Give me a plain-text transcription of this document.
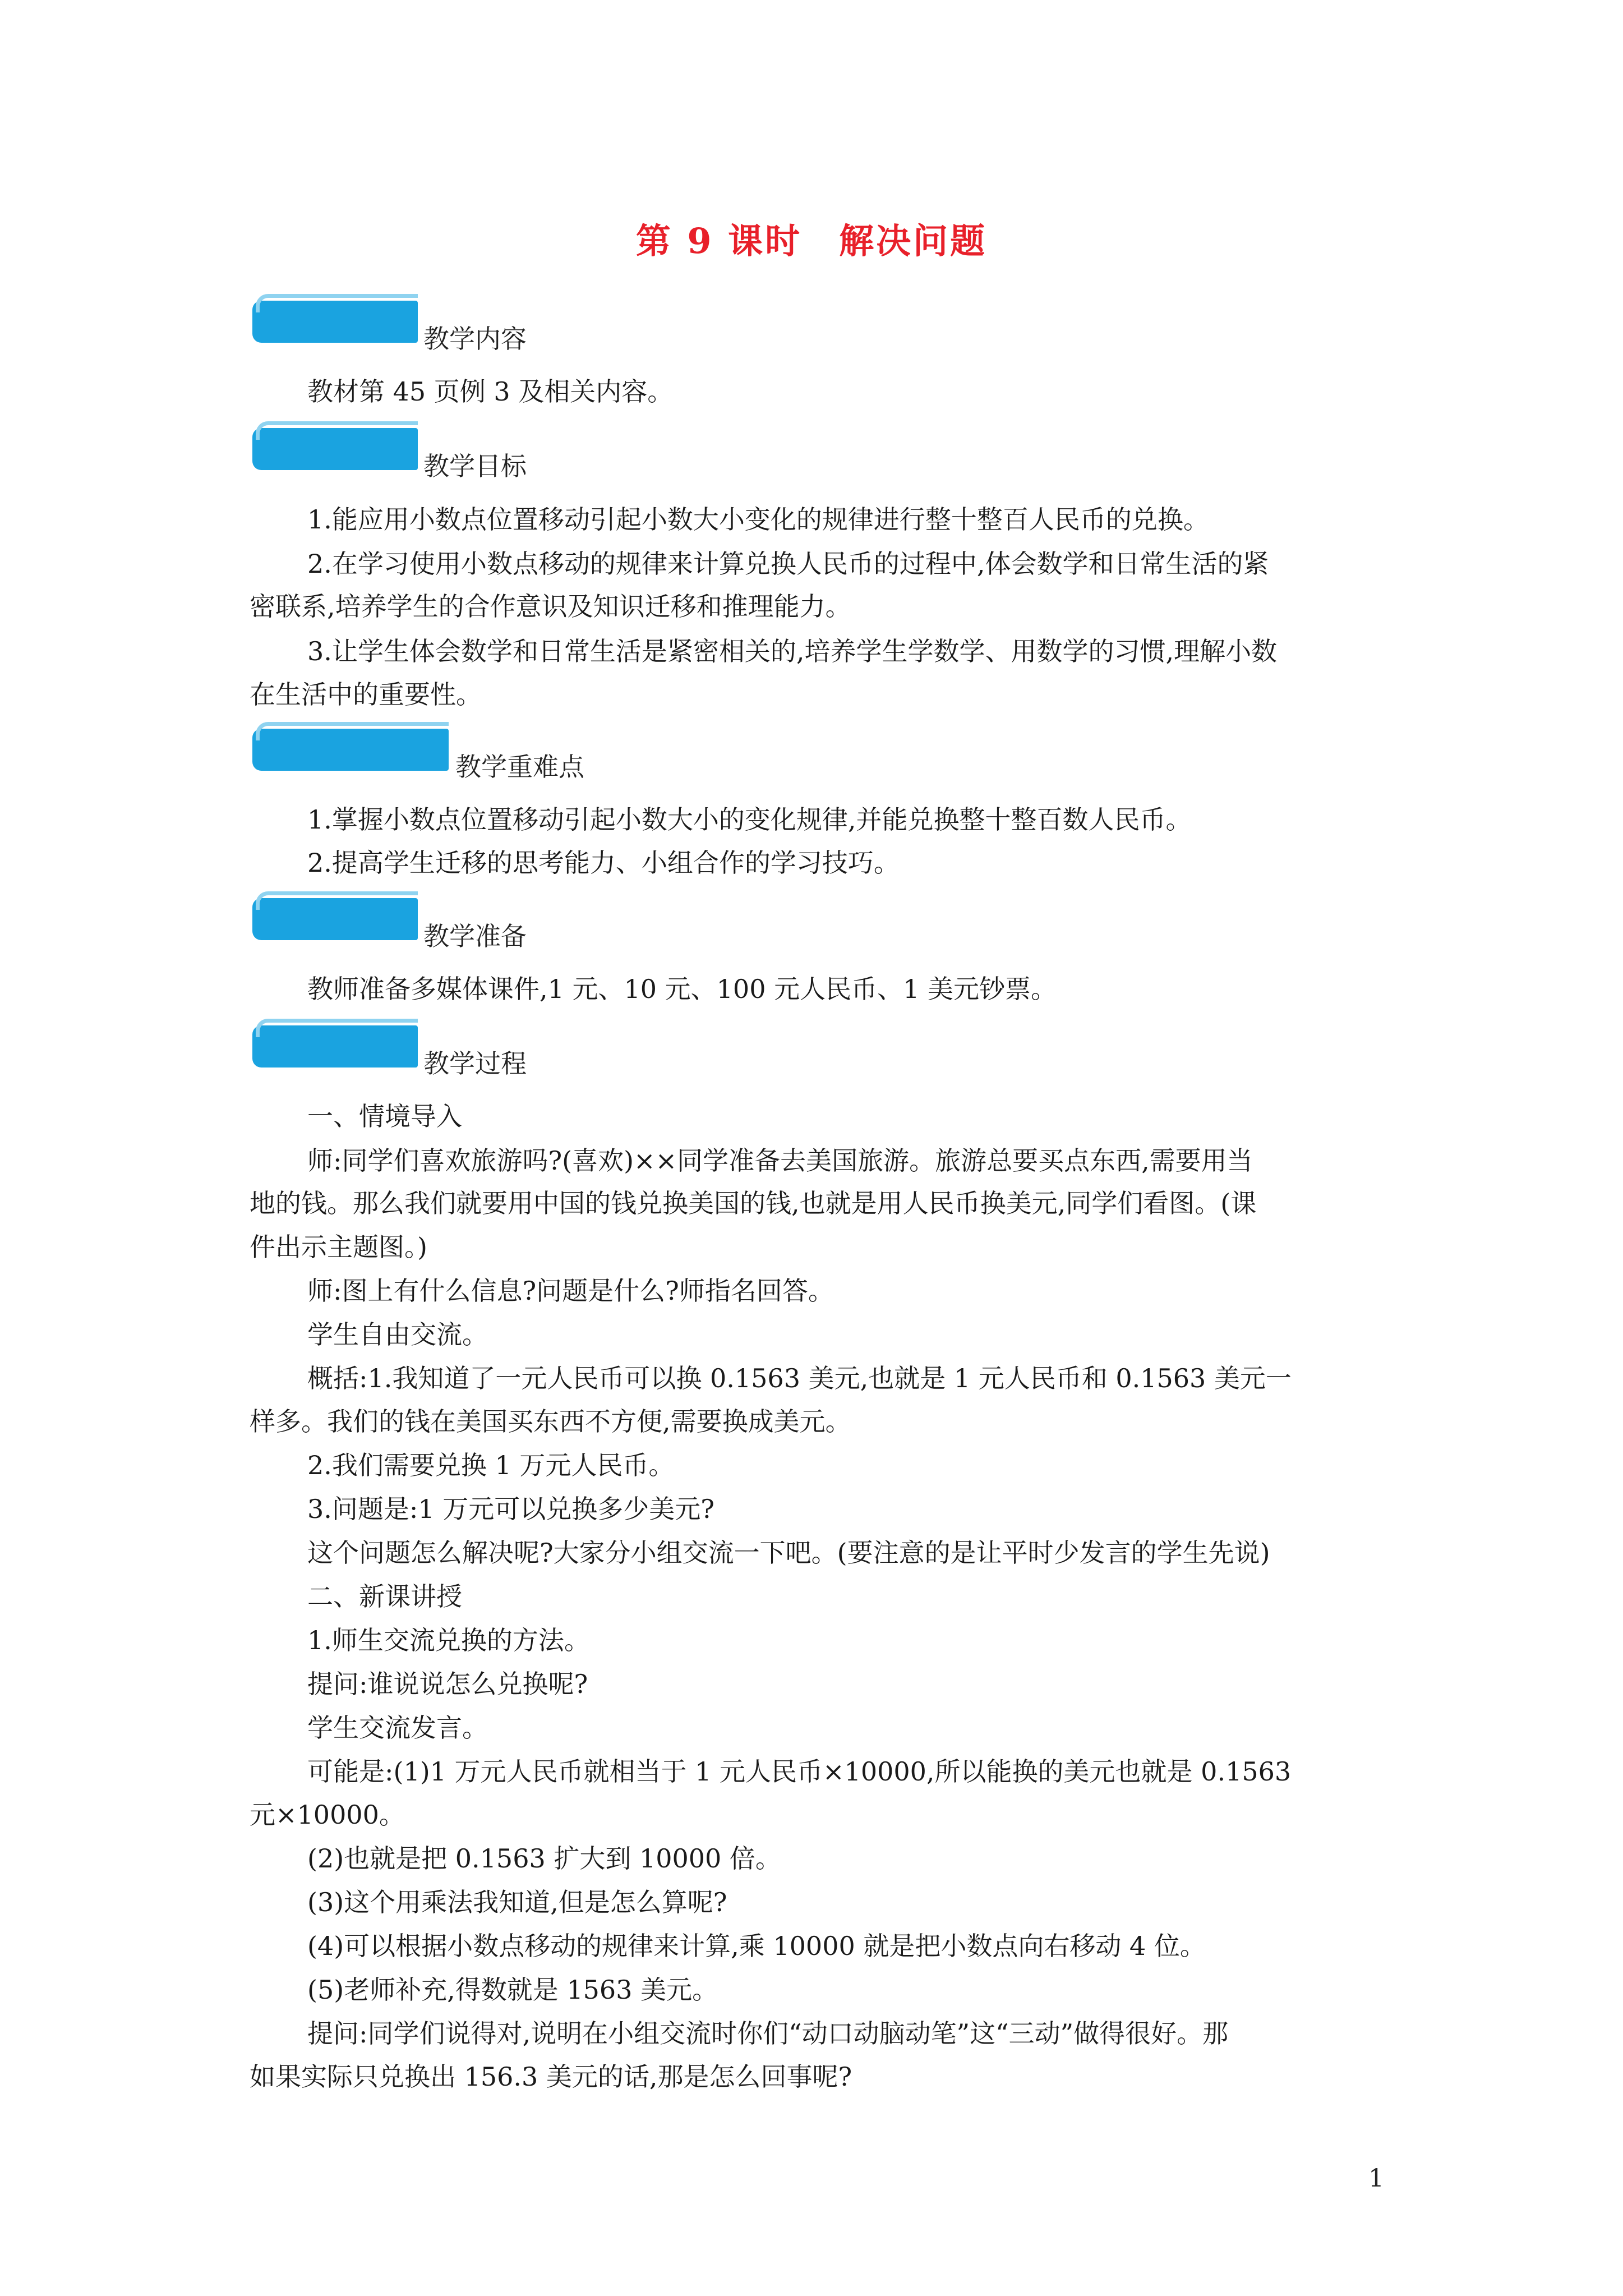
第 9 课时　解决问题
教学内容
教材第 45 页例 3 及相关内容。
教学目标
1.能应用小数点位置移动引起小数大小变化的规律进行整十整百人民币的兑换。
2.在学习使用小数点移动的规律来计算兑换人民币的过程中,体会数学和日常生活的紧
密联系,培养学生的合作意识及知识迁移和推理能力。
3.让学生体会数学和日常生活是紧密相关的,培养学生学数学、用数学的习惯,理解小数
在生活中的重要性。
教学重难点
1.掌握小数点位置移动引起小数大小的变化规律,并能兑换整十整百数人民币。
2.提高学生迁移的思考能力、小组合作的学习技巧。
教学准备
教师准备多媒体课件,1 元、10 元、100 元人民币、1 美元钞票。
教学过程
一、情境导入
师:同学们喜欢旅游吗?(喜欢)××同学准备去美国旅游。旅游总要买点东西,需要用当
地的钱。那么我们就要用中国的钱兑换美国的钱,也就是用人民币换美元,同学们看图。(课
件出示主题图。)
师:图上有什么信息?问题是什么?师指名回答。
学生自由交流。
概括:1.我知道了一元人民币可以换 0.1563 美元,也就是 1 元人民币和 0.1563 美元一
样多。我们的钱在美国买东西不方便,需要换成美元。
2.我们需要兑换 1 万元人民币。
3.问题是:1 万元可以兑换多少美元?
这个问题怎么解决呢?大家分小组交流一下吧。(要注意的是让平时少发言的学生先说)
二、新课讲授
1.师生交流兑换的方法。
提问:谁说说怎么兑换呢?
学生交流发言。
可能是:(1)1 万元人民币就相当于 1 元人民币×10000,所以能换的美元也就是 0.1563
元×10000。
(2)也就是把 0.1563 扩大到 10000 倍。
(3)这个用乘法我知道,但是怎么算呢?
(4)可以根据小数点移动的规律来计算,乘 10000 就是把小数点向右移动 4 位。
(5)老师补充,得数就是 1563 美元。
提问:同学们说得对,说明在小组交流时你们“动口动脑动笔”这“三动”做得很好。那
如果实际只兑换出 156.3 美元的话,那是怎么回事呢?
1
